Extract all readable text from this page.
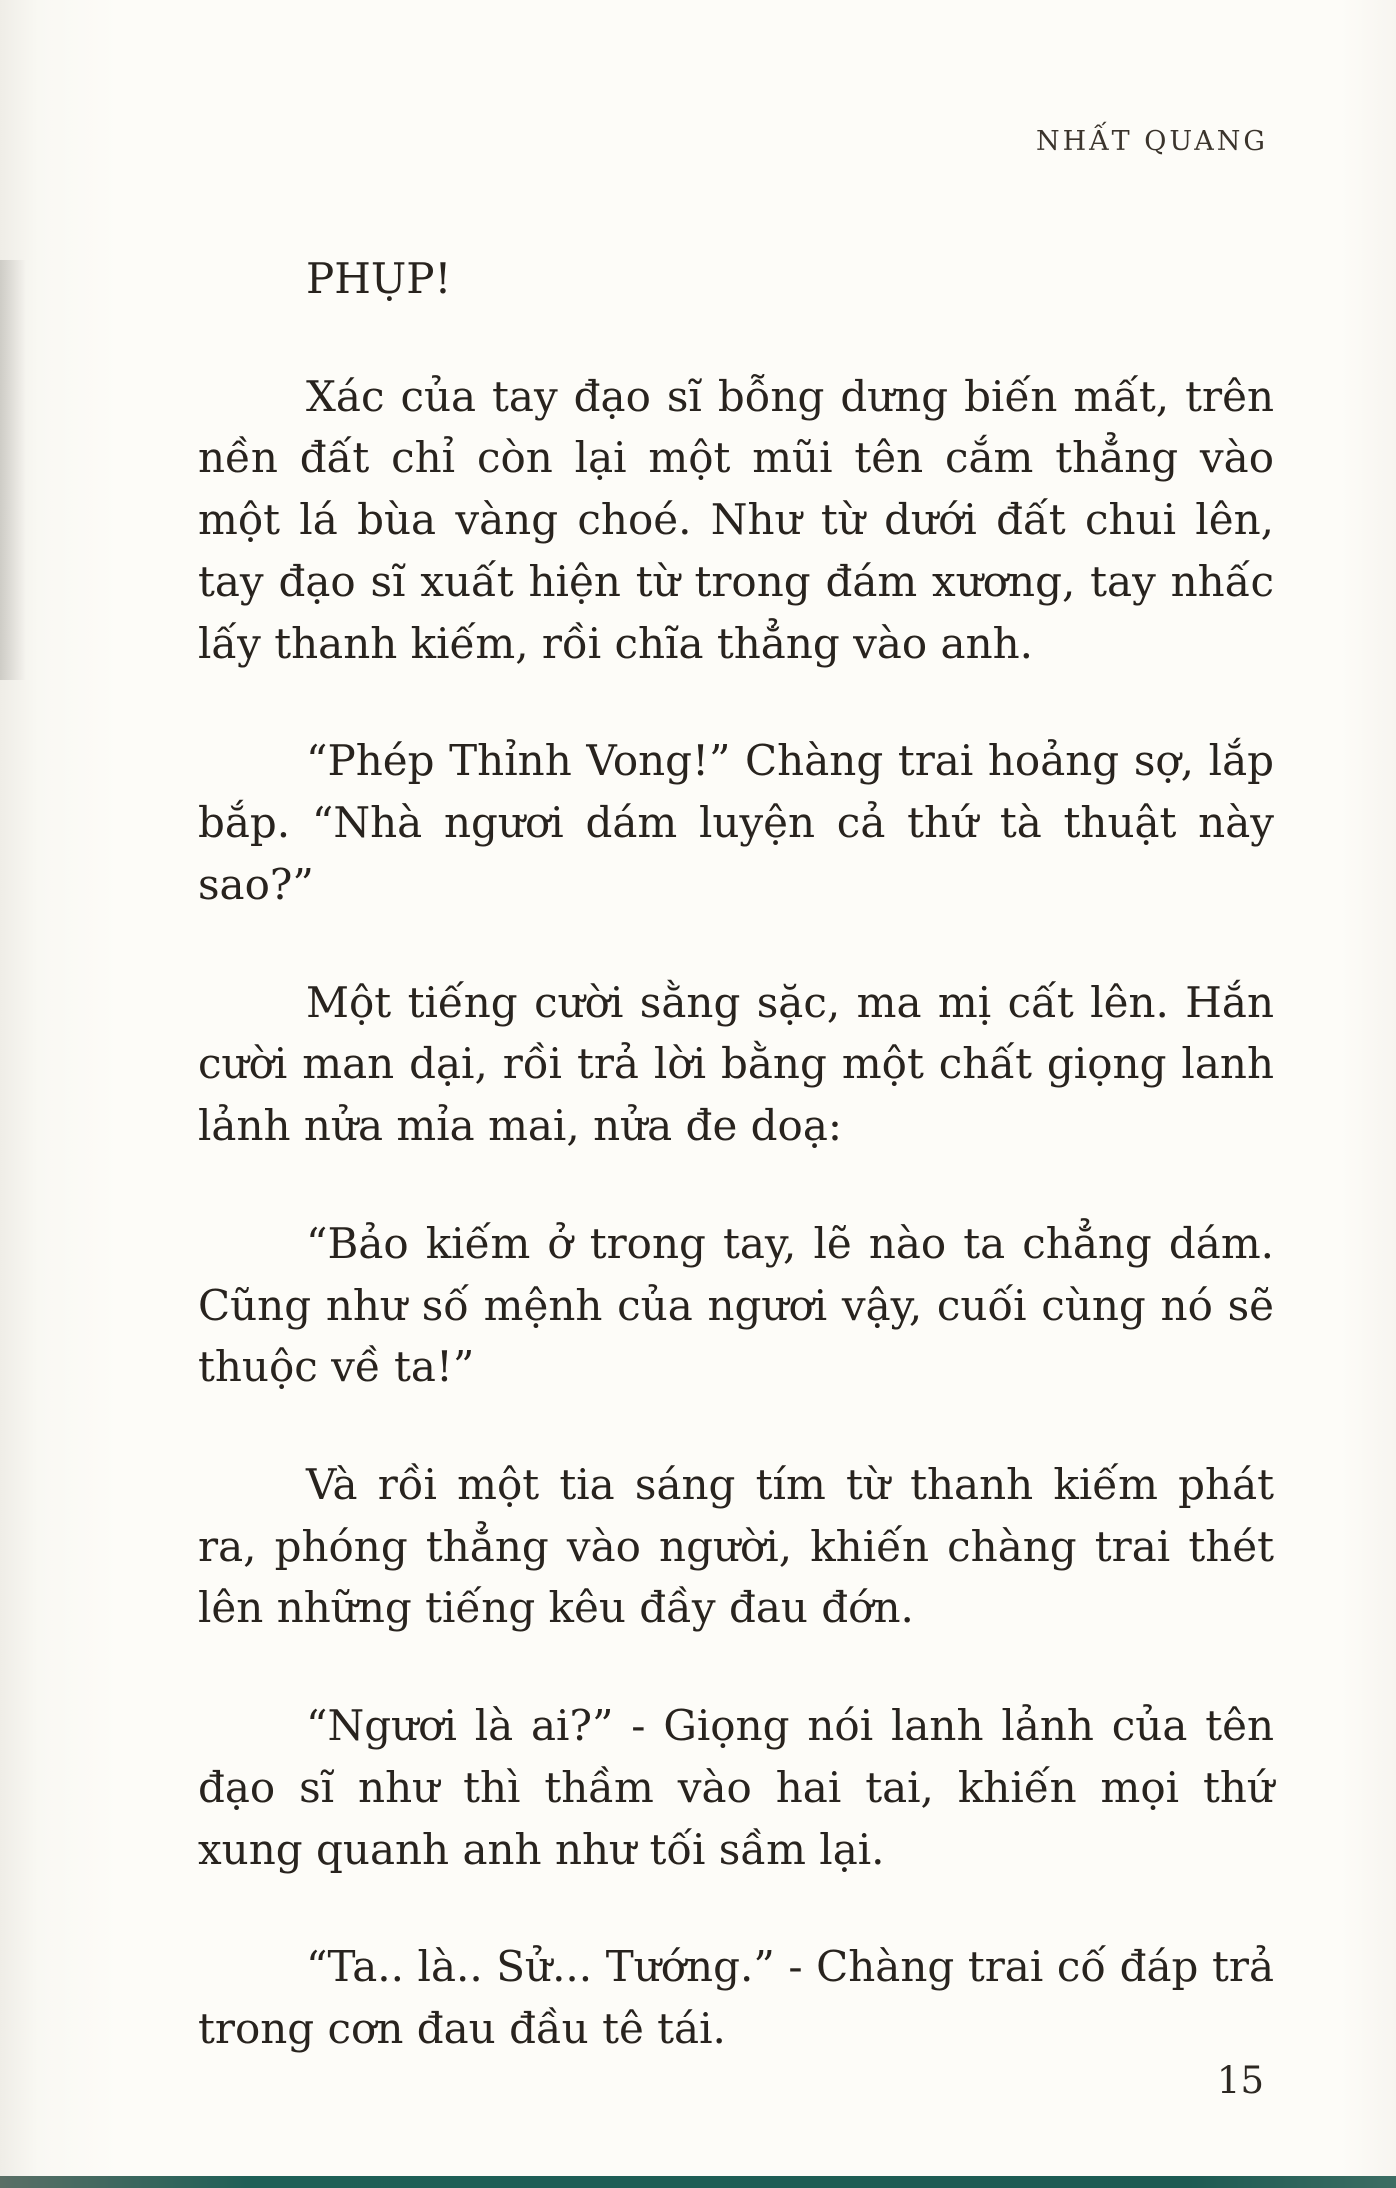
NHẤT QUANG

PHỤP!

Xác của tay đạo sĩ bỗng dưng biến mất, trên nền đất chỉ còn lại một mũi tên cắm thẳng vào một lá bùa vàng choé. Như từ dưới đất chui lên, tay đạo sĩ xuất hiện từ trong đám xương, tay nhấc lấy thanh kiếm, rồi chĩa thẳng vào anh.

“Phép Thỉnh Vong!” Chàng trai hoảng sợ, lắp bắp. “Nhà ngươi dám luyện cả thứ tà thuật này sao?”

Một tiếng cười sằng sặc, ma mị cất lên. Hắn cười man dại, rồi trả lời bằng một chất giọng lanh lảnh nửa mỉa mai, nửa đe doạ:

“Bảo kiếm ở trong tay, lẽ nào ta chẳng dám. Cũng như số mệnh của ngươi vậy, cuối cùng nó sẽ thuộc về ta!”

Và rồi một tia sáng tím từ thanh kiếm phát ra, phóng thẳng vào người, khiến chàng trai thét lên những tiếng kêu đầy đau đớn.

“Ngươi là ai?” - Giọng nói lanh lảnh của tên đạo sĩ như thì thầm vào hai tai, khiến mọi thứ xung quanh anh như tối sầm lại.

“Ta.. là.. Sử... Tướng.” - Chàng trai cố đáp trả trong cơn đau đầu tê tái.

15
